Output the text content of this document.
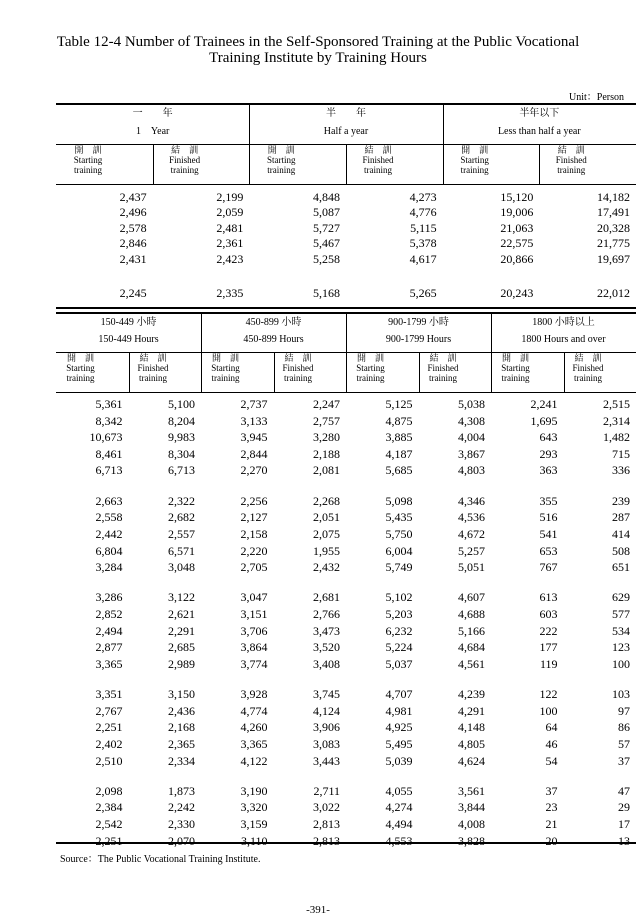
Table 12-4 Number of Trainees in the Self-Sponsored Training at the Public Vocational
Training Institute by Training Hours
Unit：Person
一　　年
1　Year
開　訓
Starting
training
結　訓
Finished
training
半　　年
Half a year
開　訓
Starting
training
結　訓
Finished
training
半年以下
Less than half a year
開　訓
Starting
training
結　訓
Finished
training
2,437	2,199	4,848	4,273	15,120	14,182
2,496	2,059	5,087	4,776	19,006	17,491
2,578	2,481	5,727	5,115	21,063	20,328
2,846	2,361	5,467	5,378	22,575	21,775
2,431	2,423	5,258	4,617	20,866	19,697
2,245	2,335	5,168	5,265	20,243	22,012
150-449 小時
150-449 Hours
開　訓
Starting
training
結　訓
Finished
training
450-899 小時
450-899 Hours
開　訓
Starting
training
結　訓
Finished
training
900-1799 小時
900-1799 Hours
開　訓
Starting
training
結　訓
Finished
training
1800 小時以上
1800 Hours and over
開　訓
Starting
training
結　訓
Finished
training
5,361	5,100	2,737	2,247	5,125	5,038	2,241	2,515
8,342	8,204	3,133	2,757	4,875	4,308	1,695	2,314
10,673	9,983	3,945	3,280	3,885	4,004	643	1,482
8,461	8,304	2,844	2,188	4,187	3,867	293	715
6,713	6,713	2,270	2,081	5,685	4,803	363	336
2,663	2,322	2,256	2,268	5,098	4,346	355	239
2,558	2,682	2,127	2,051	5,435	4,536	516	287
2,442	2,557	2,158	2,075	5,750	4,672	541	414
6,804	6,571	2,220	1,955	6,004	5,257	653	508
3,284	3,048	2,705	2,432	5,749	5,051	767	651
3,286	3,122	3,047	2,681	5,102	4,607	613	629
2,852	2,621	3,151	2,766	5,203	4,688	603	577
2,494	2,291	3,706	3,473	6,232	5,166	222	534
2,877	2,685	3,864	3,520	5,224	4,684	177	123
3,365	2,989	3,774	3,408	5,037	4,561	119	100
3,351	3,150	3,928	3,745	4,707	4,239	122	103
2,767	2,436	4,774	4,124	4,981	4,291	100	97
2,251	2,168	4,260	3,906	4,925	4,148	64	86
2,402	2,365	3,365	3,083	5,495	4,805	46	57
2,510	2,334	4,122	3,443	5,039	4,624	54	37
2,098	1,873	3,190	2,711	4,055	3,561	37	47
2,384	2,242	3,320	3,022	4,274	3,844	23	29
2,542	2,330	3,159	2,813	4,494	4,008	21	17
2,251	2,070	3,110	2,813	4,553	3,828	20	13
Source：The Public Vocational Training Institute.
-391-
